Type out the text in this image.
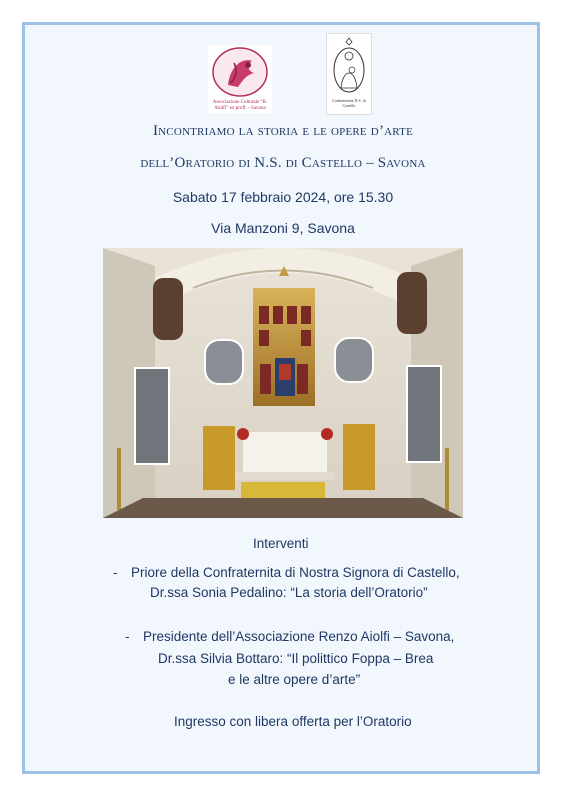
Associazione Culturale “R. Aiolfi” ex proff. - Savona
Confraternita N.S. di Castello
Incontriamo la storia e le opere d’arte
dell’Oratorio di N.S. di Castello – Savona
Sabato 17 febbraio 2024, ore 15.30
Via Manzoni 9, Savona
Interventi
- Priore della Confraternita di Nostra Signora di Castello,
Dr.ssa Sonia Pedalino: “La storia dell’Oratorio”
- Presidente dell’Associazione Renzo Aiolfi – Savona,
Dr.ssa Silvia Bottaro: “Il polittico Foppa – Brea
e le altre opere d’arte”
Ingresso con libera offerta per l’Oratorio
